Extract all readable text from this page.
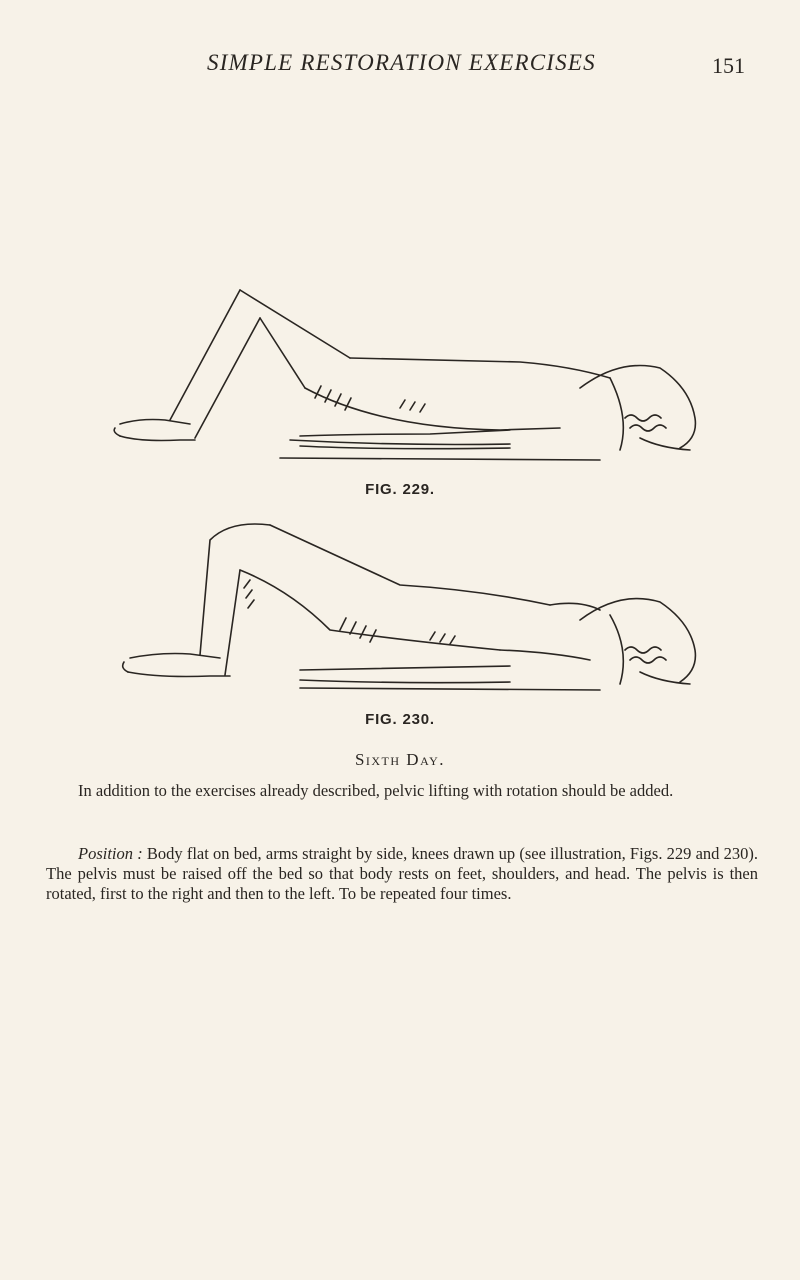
SIMPLE RESTORATION EXERCISES	151
FIG. 229.
FIG. 230.
Sixth Day.

In addition to the exercises already described, pelvic lifting with rotation should be added.

Position : Body flat on bed, arms straight by side, knees drawn up (see illustration, Figs. 229 and 230). The pelvis must be raised off the bed so that body rests on feet, shoulders, and head. The pelvis is then rotated, first to the right and then to the left. To be repeated four times.
